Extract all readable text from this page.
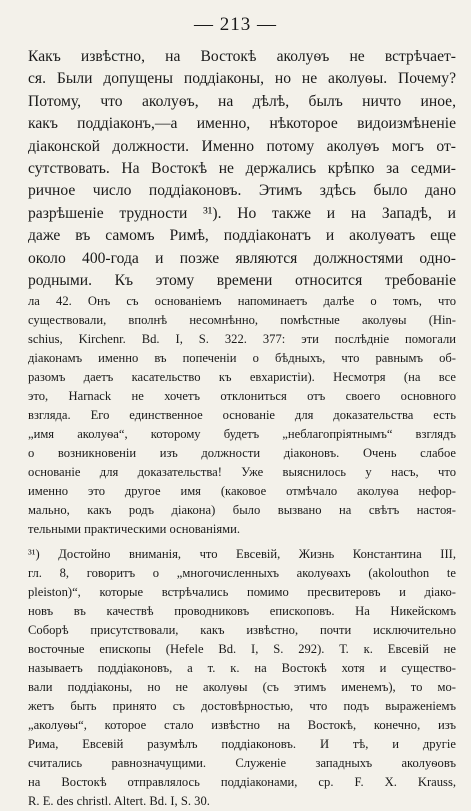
— 213 —
Какъ извѣстно, на Востокѣ аколуѳъ не встрѣчает-
ся. Были допущены поддіаконы, но не аколуѳы. Почему?
Потому, что аколуѳъ, на дѣлѣ, былъ ничто иное,
какъ поддіаконъ,—а именно, нѣкоторое видоизмѣненіе
діаконской должности. Именно потому аколуѳъ могъ от-
сутствовать. На Востокѣ не держались крѣпко за седми-
ричное число поддіаконовъ. Этимъ здѣсь было дано
разрѣшеніе трудности ³¹). Но также и на Западѣ, и
даже въ самомъ Римѣ, поддіаконатъ и аколуѳатъ еще
около 400-года и позже являются должностями одно-
родными. Къ этому времени относится требованіе
ла 42. Онъ съ основаніемъ напоминаетъ далѣе о томъ, что
существовали, вполнѣ несомнѣнно, помѣстные аколуѳы (Hin-
schius, Kirchenr. Bd. I, S. 322. 377: эти послѣдніе помогали
діаконамъ именно въ попеченіи о бѣдныхъ, что равнымъ об-
разомъ даетъ касательство къ евхаристіи). Несмотря (на все
это, Harnack не хочетъ отклониться отъ своего основного
взгляда. Его единственное основаніе для доказательства есть
„имя аколуѳа“, которому будетъ „неблагопріятнымъ“ взглядъ
о возникновеніи изъ должности діаконовъ. Очень слабое
основаніе для доказательства! Уже выяснилось у насъ, что
именно это другое имя (каковое отмѣчало аколуѳа нефор-
мально, какъ родъ діакона) было вызвано на свѣтъ настоя-
тельными практическими основаніями.
³¹) Достойно вниманія, что Евсевій, Жизнь Константина III,
гл. 8, говоритъ о „многочисленныхъ аколуѳахъ (akolouthon te
pleiston)“, которые встрѣчались помимо пресвитеровъ и діако-
новъ въ качествѣ проводниковъ епископовъ. На Никейскомъ
Соборѣ присутствовали, какъ извѣстно, почти исключительно
восточные епископы (Hefele Bd. I, S. 292). Т. к. Евсевій не
называетъ поддіаконовъ, а т. к. на Востокѣ хотя и существо-
вали поддіаконы, но не аколуѳы (съ этимъ именемъ), то мо-
жетъ быть принято съ достовѣрностью, что подъ выраженіемъ
„аколуѳы“, которое стало извѣстно на Востокѣ, конечно, изъ
Рима, Евсевій разумѣлъ поддіаконовъ. И тѣ, и другіе
считались равнозначущими. Служеніе западныхъ аколуѳовъ
на Востокѣ отправлялось поддіаконами, ср. F. X. Krauss,
R. E. des christl. Altert. Bd. I, S. 30.
